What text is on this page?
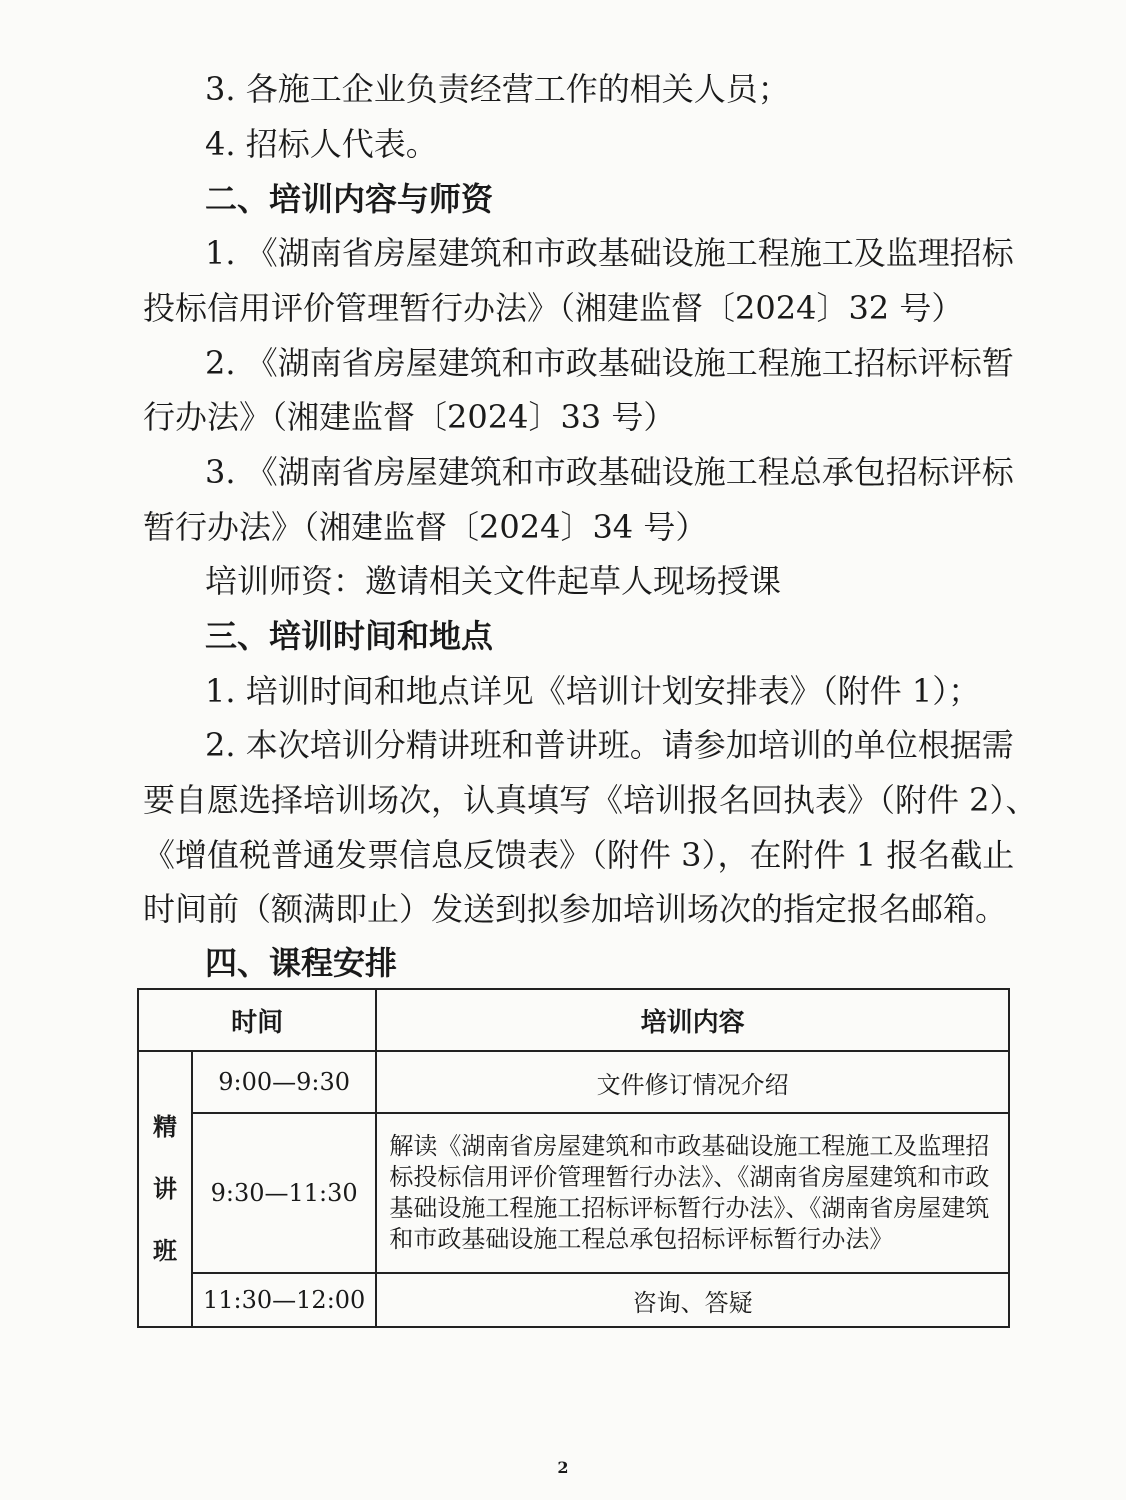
3. 各施工企业负责经营工作的相关人员；
4. 招标人代表。
二、培训内容与师资
1. 《湖南省房屋建筑和市政基础设施工程施工及监理招标
投标信用评价管理暂行办法》（湘建监督〔2024〕32 号）
2. 《湖南省房屋建筑和市政基础设施工程施工招标评标暂
行办法》（湘建监督〔2024〕33 号）
3. 《湖南省房屋建筑和市政基础设施工程总承包招标评标
暂行办法》（湘建监督〔2024〕34 号）
培训师资：邀请相关文件起草人现场授课
三、培训时间和地点
1. 培训时间和地点详见《培训计划安排表》（附件 1）；
2. 本次培训分精讲班和普讲班。请参加培训的单位根据需
要自愿选择培训场次，认真填写《培训报名回执表》（附件 2）、
《增值税普通发票信息反馈表》（附件 3），在附件 1 报名截止
时间前（额满即止）发送到拟参加培训场次的指定报名邮箱。
四、课程安排
时间		培训内容

精
讲
班	9:00—9:30	文件修订情况介绍
	9:30—11:30	解读《湖南省房屋建筑和市政基础设施工程施工及监理招标投标信用评价管理暂行办法》、《湖南省房屋建筑和市政基础设施工程施工招标评标暂行办法》、《湖南省房屋建筑和市政基础设施工程总承包招标评标暂行办法》
	11:30—12:00	咨询、答疑
2
